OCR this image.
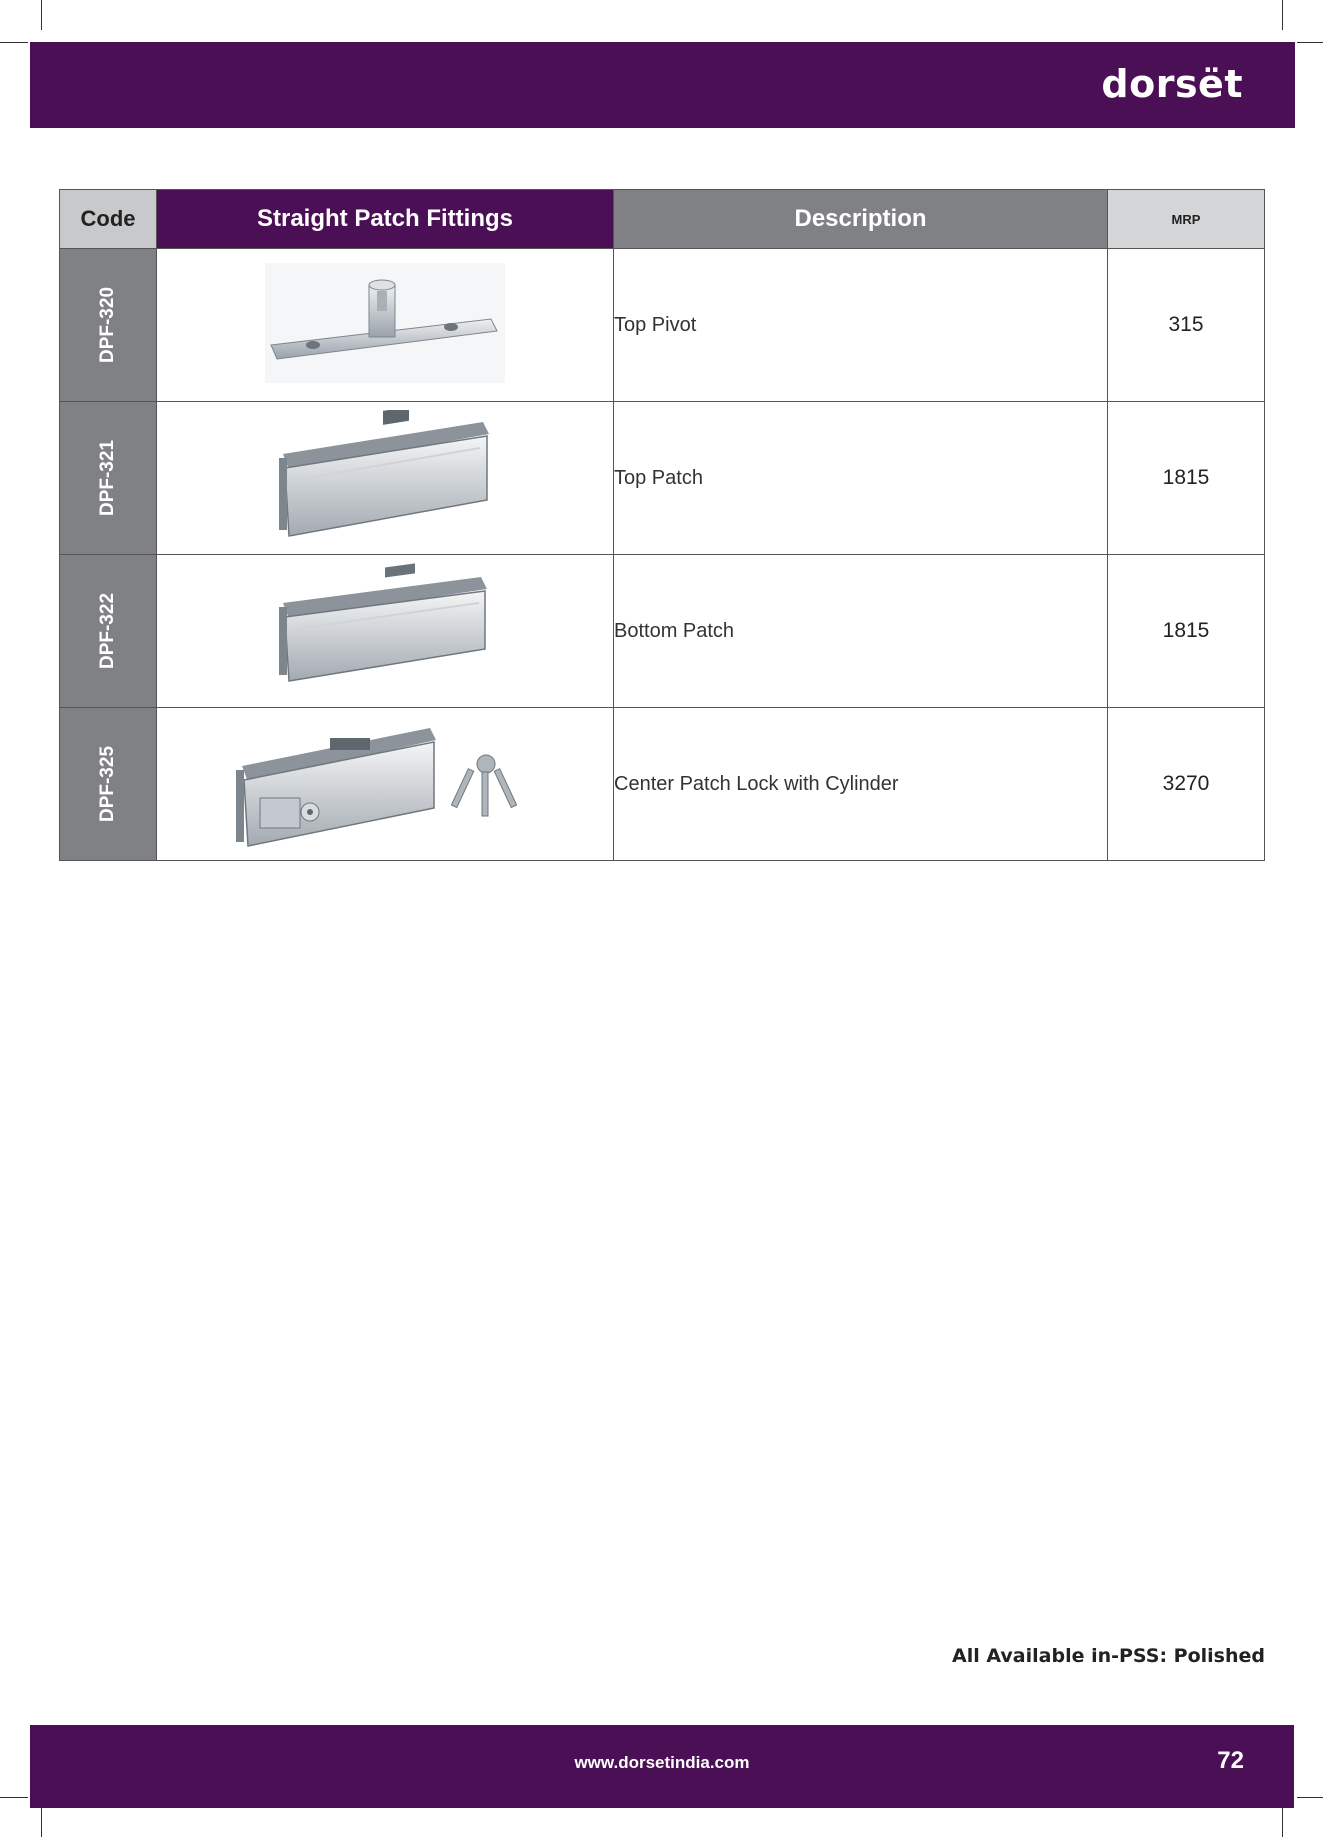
dorsët
Code	Straight Patch Fittings	Description	MRP

DPF-320		Top Pivot	315

DPF-321		Top Patch	1815

DPF-322		Bottom Patch	1815

DPF-325		Center Patch Lock with Cylinder	3270
All Available in-PSS: Polished
www.dorsetindia.com	72
